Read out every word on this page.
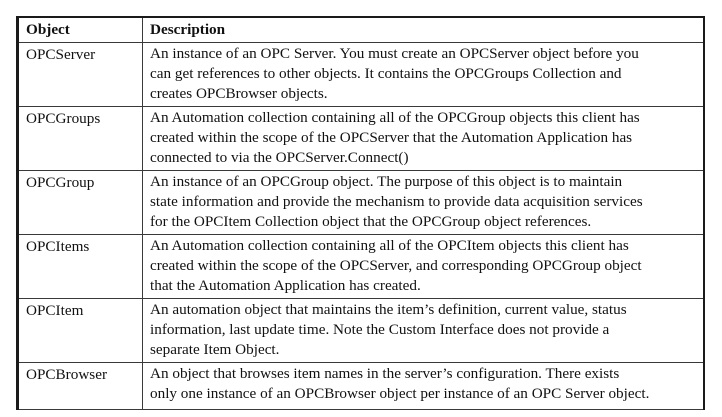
Object	Description
OPCServer	An instance of an OPC Server. You must create an OPCServer object before you
can get references to other objects. It contains the OPCGroups Collection and
creates OPCBrowser objects.

OPCGroups	An Automation collection containing all of the OPCGroup objects this client has
created within the scope of the OPCServer that the Automation Application has
connected to via the OPCServer.Connect()

OPCGroup	An instance of an OPCGroup object. The purpose of this object is to maintain
state information and provide the mechanism to provide data acquisition services
for the OPCItem Collection object that the OPCGroup object references.

OPCItems	An Automation collection containing all of the OPCItem objects this client has
created within the scope of the OPCServer, and corresponding OPCGroup object
that the Automation Application has created.

OPCItem	An automation object that maintains the item’s definition, current value, status
information, last update time. Note the Custom Interface does not provide a
separate Item Object.

OPCBrowser	An object that browses item names in the server’s configuration. There exists
only one instance of an OPCBrowser object per instance of an OPC Server object.
